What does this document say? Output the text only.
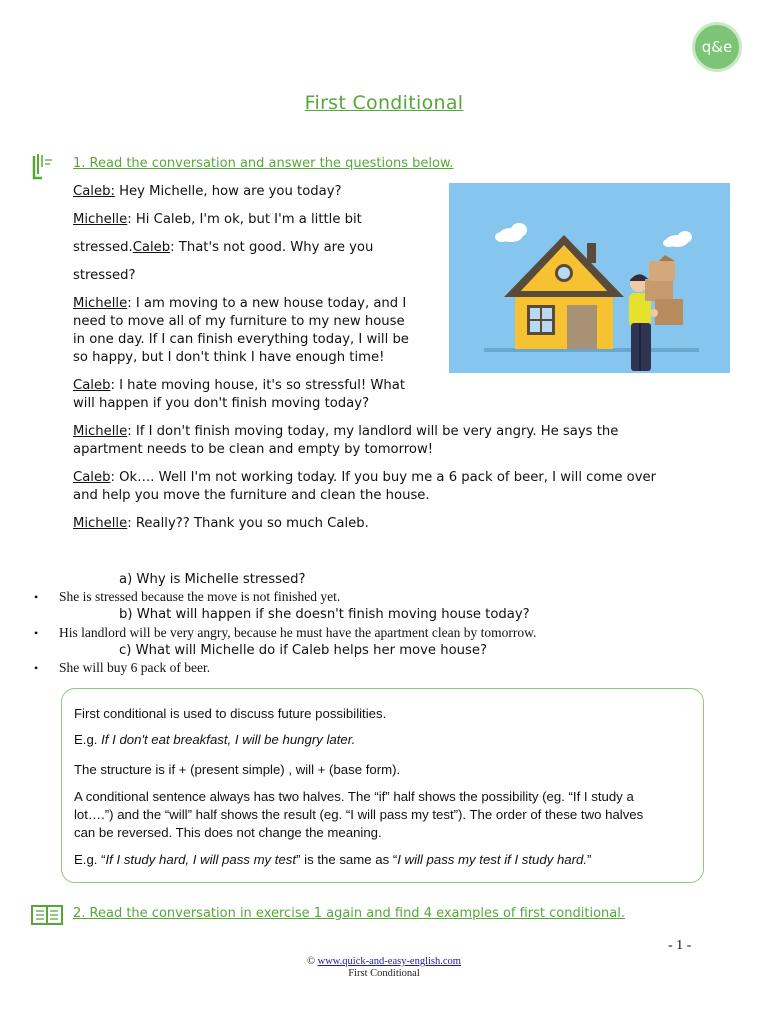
q&e
First Conditional
1. Read the conversation and answer the questions below.
Caleb: Hey Michelle, how are you today?
Michelle: Hi Caleb, I'm ok, but I'm a little bit
stressed.Caleb: That's not good. Why are you
stressed?
Michelle: I am moving to a new house today, and I
need to move all of my furniture to my new house
in one day. If I can finish everything today, I will be
so happy, but I don't think I have enough time!
Caleb: I hate moving house, it's so stressful! What
will happen if you don't finish moving today?
Michelle: If I don't finish moving today, my landlord will be very angry. He says the
apartment needs to be clean and empty by tomorrow!
Caleb: Ok…. Well I'm not working today. If you buy me a 6 pack of beer, I will come over
and help you move the furniture and clean the house.
Michelle: Really?? Thank you so much Caleb.
a) Why is Michelle stressed?
• She is stressed because the move is not finished yet.
b) What will happen if she doesn't finish moving house today?
• His landlord will be very angry, because he must have the apartment clean by tomorrow.
c) What will Michelle do if Caleb helps her move house?
• She will buy 6 pack of beer.
First conditional is used to discuss future possibilities.
E.g. If I don't eat breakfast, I will be hungry later.
The structure is if + (present simple) , will + (base form).
A conditional sentence always has two halves. The “if” half shows the possibility (eg. “If I study a
lot….”) and the “will” half shows the result (eg. “I will pass my test”). The order of these two halves
can be reversed. This does not change the meaning.
E.g. “If I study hard, I will pass my test” is the same as “I will pass my test if I study hard.”
2. Read the conversation in exercise 1 again and find 4 examples of first conditional.
- 1 -
© www.quick-and-easy-english.com
First Conditional
